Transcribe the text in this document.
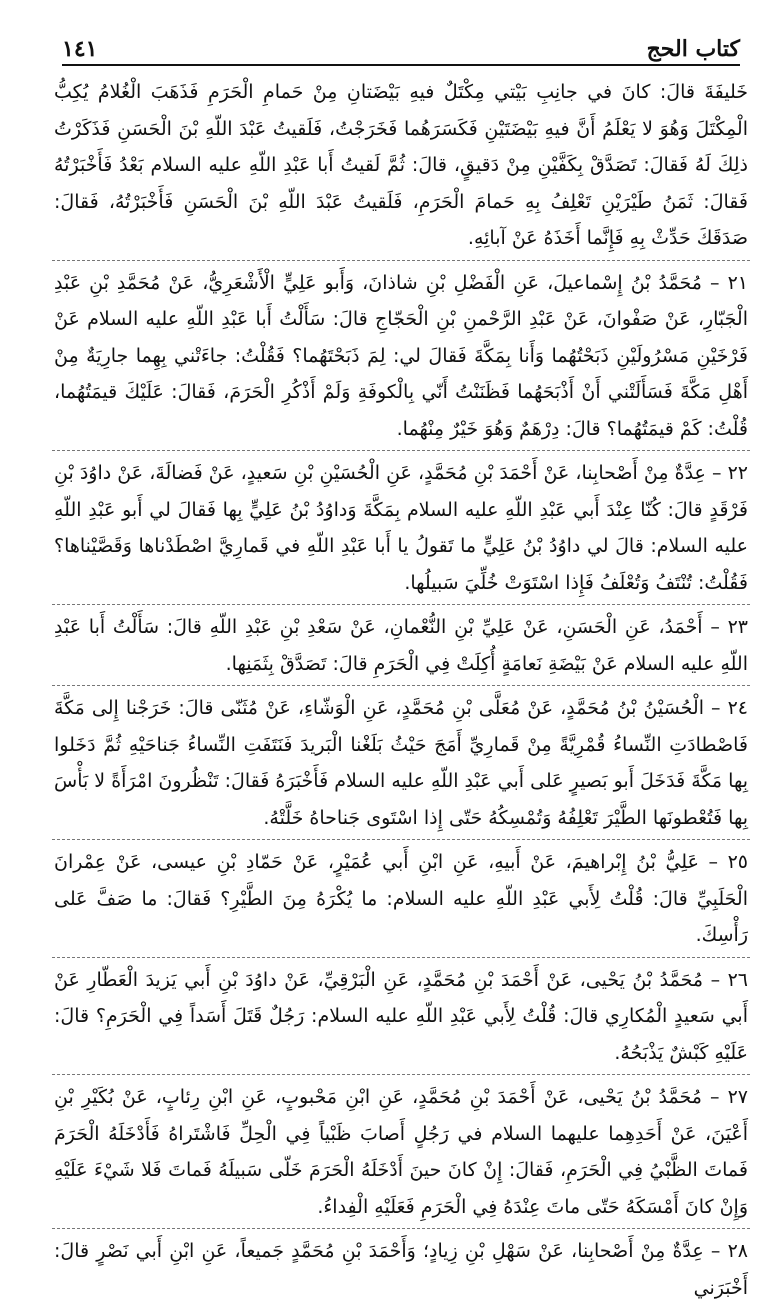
كتاب الحج
١٤١

خَليفَةَ قالَ: كانَ في جانِبِ بَيْتي مِكْتَلٌ فيهِ بَيْضَتانِ مِنْ حَمامِ الْحَرَمِ فَذَهَبَ الْغُلامُ يُكِبُّ الْمِكْتَلَ وَهُوَ لا يَعْلَمُ أَنَّ فيهِ بَيْضَتَيْنِ فَكَسَرَهُما فَخَرَجْتُ، فَلَقيتُ عَبْدَ اللّهِ بْنَ الْحَسَنِ فَذَكَرْتُ ذلِكَ لَهُ فَقالَ: تَصَدَّقْ بِكَفَّيْنِ مِنْ دَقيقٍ، قالَ: ثُمَّ لَقيتُ أَبا عَبْدِ اللّهِ عليه السلام بَعْدُ فَأَخْبَرْتُهُ فَقالَ: ثَمَنُ طَيْرَيْنِ تَعْلِفُ بِهِ حَمامَ الْحَرَمِ، فَلَقيتُ عَبْدَ اللّهِ بْنَ الْحَسَنِ فَأَخْبَرْتُهُ، فَقالَ: صَدَقَكَ حَدِّثْ بِهِ فَإِنَّما أَخَذَهُ عَنْ آبائِهِ.

٢١ – مُحَمَّدُ بْنُ إِسْماعيلَ، عَنِ الْفَضْلِ بْنِ شاذانَ، وَأَبو عَلِيٍّ الْأَشْعَرِيُّ، عَنْ مُحَمَّدِ بْنِ عَبْدِ الْجَبّارِ، عَنْ صَفْوانَ، عَنْ عَبْدِ الرَّحْمنِ بْنِ الْحَجّاجِ قالَ: سَأَلْتُ أَبا عَبْدِ اللّهِ عليه السلام عَنْ فَرْخَيْنِ مَسْرُولَيْنِ ذَبَحْتُهُما وَأَنا بِمَكَّةَ فَقالَ لي: لِمَ ذَبَحْتَهُما؟ فَقُلْتُ: جاءَتْني بِهِما جارِيَةٌ مِنْ أَهْلِ مَكَّةَ فَسَأَلَتْني أَنْ أَذْبَحَهُما فَظَنَنْتُ أَنّي بِالْكوفَةِ وَلَمْ أَذْكُرِ الْحَرَمَ، فَقالَ: عَلَيْكَ قيمَتُهُما، قُلْتُ: كَمْ قيمَتُهُما؟ قالَ: دِرْهَمٌ وَهُوَ خَيْرٌ مِنْهُما.

٢٢ – عِدَّةٌ مِنْ أَصْحابِنا، عَنْ أَحْمَدَ بْنِ مُحَمَّدٍ، عَنِ الْحُسَيْنِ بْنِ سَعيدٍ، عَنْ فَضالَةَ، عَنْ داوُدَ بْنِ فَرْقَدٍ قالَ: كُنّا عِنْدَ أَبي عَبْدِ اللّهِ عليه السلام بِمَكَّةَ وَداوُدُ بْنُ عَلِيٍّ بِها فَقالَ لي أَبو عَبْدِ اللّهِ عليه السلام: قالَ لي داوُدُ بْنُ عَلِيٍّ ما تَقولُ يا أَبا عَبْدِ اللّهِ في قَمارِيَّ اصْطَدْناها وَقَصَّيْناها؟ فَقُلْتُ: تُنْتَفُ وَتُعْلَفُ فَإِذا اسْتَوَتْ خُلِّيَ سَبيلُها.

٢٣ – أَحْمَدُ، عَنِ الْحَسَنِ، عَنْ عَلِيِّ بْنِ النُّعْمانِ، عَنْ سَعْدِ بْنِ عَبْدِ اللّهِ قالَ: سَأَلْتُ أَبا عَبْدِ اللّهِ عليه السلام عَنْ بَيْضَةِ نَعامَةٍ أُكِلَتْ فِي الْحَرَمِ قالَ: تَصَدَّقْ بِثَمَنِها.

٢٤ – الْحُسَيْنُ بْنُ مُحَمَّدٍ، عَنْ مُعَلَّى بْنِ مُحَمَّدٍ، عَنِ الْوَشّاءِ، عَنْ مُثَنّى قالَ: خَرَجْنا إِلى مَكَّةَ فَاصْطادَتِ النِّساءُ قُمْرِيَّةً مِنْ قَمارِيِّ أَمَجَ حَيْثُ بَلَغْنا الْبَريدَ فَنَتَفَتِ النِّساءُ جَناحَيْهِ ثُمَّ دَخَلوا بِها مَكَّةَ فَدَخَلَ أَبو بَصيرٍ عَلى أَبي عَبْدِ اللّهِ عليه السلام فَأَخْبَرَهُ فَقالَ: تَنْظُرونَ امْرَأَةً لا بَأْسَ بِها فَتُعْطونَها الطَّيْرَ تَعْلِفُهُ وَتُمْسِكُهُ حَتّى إِذا اسْتَوى جَناحاهُ خَلَّتْهُ.

٢٥ – عَلِيُّ بْنُ إِبْراهيمَ، عَنْ أَبيهِ، عَنِ ابْنِ أَبي عُمَيْرٍ، عَنْ حَمّادِ بْنِ عيسى، عَنْ عِمْرانَ الْحَلَبِيِّ قالَ: قُلْتُ لِأَبي عَبْدِ اللّهِ عليه السلام: ما يُكْرَهُ مِنَ الطَّيْرِ؟ فَقالَ: ما صَفَّ عَلى رَأْسِكَ.

٢٦ – مُحَمَّدُ بْنُ يَحْيى، عَنْ أَحْمَدَ بْنِ مُحَمَّدٍ، عَنِ الْبَرْقِيِّ، عَنْ داوُدَ بْنِ أَبي يَزيدَ الْعَطّارِ عَنْ أَبي سَعيدٍ الْمُكارِي قالَ: قُلْتُ لِأَبي عَبْدِ اللّهِ عليه السلام: رَجُلٌ قَتَلَ أَسَداً فِي الْحَرَمِ؟ قالَ: عَلَيْهِ كَبْشٌ يَذْبَحُهُ.

٢٧ – مُحَمَّدُ بْنُ يَحْيى، عَنْ أَحْمَدَ بْنِ مُحَمَّدٍ، عَنِ ابْنِ مَحْبوبٍ، عَنِ ابْنِ رِئابٍ، عَنْ بُكَيْرِ بْنِ أَعْيَنَ، عَنْ أَحَدِهِما عليهما السلام في رَجُلٍ أَصابَ ظَبْياً فِي الْحِلِّ فَاشْتَراهُ فَأَدْخَلَهُ الْحَرَمَ فَماتَ الظَّبْيُ فِي الْحَرَمِ، فَقالَ: إِنْ كانَ حينَ أَدْخَلَهُ الْحَرَمَ خَلّى سَبيلَهُ فَماتَ فَلا شَيْءَ عَلَيْهِ وَإِنْ كانَ أَمْسَكَهُ حَتّى ماتَ عِنْدَهُ فِي الْحَرَمِ فَعَلَيْهِ الْفِداءُ.

٢٨ – عِدَّةٌ مِنْ أَصْحابِنا، عَنْ سَهْلِ بْنِ زِيادٍ؛ وَأَحْمَدَ بْنِ مُحَمَّدٍ جَميعاً، عَنِ ابْنِ أَبي نَصْرٍ قالَ: أَخْبَرَني
